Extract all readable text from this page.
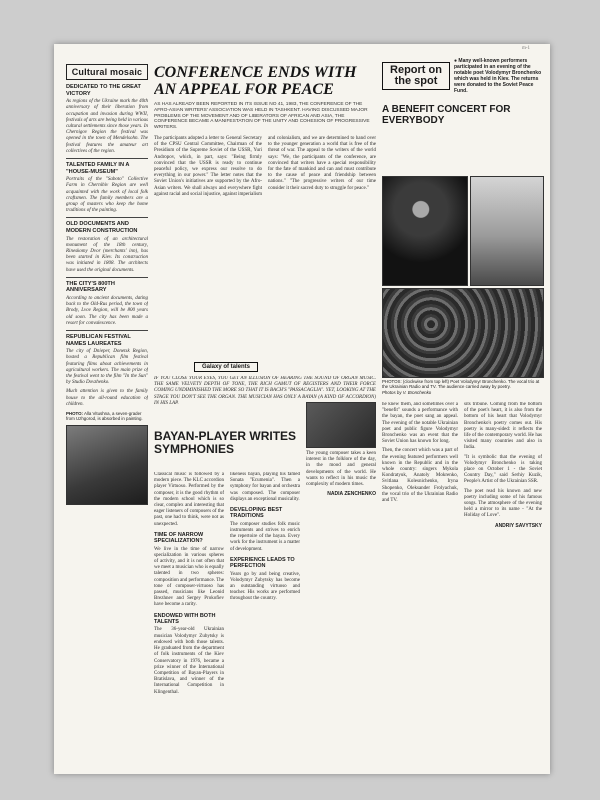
m-1
Cultural mosaic
DEDICATED TO THE GREAT VICTORY

As regions of the Ukraine mark the 40th anniversary of their liberation from occupation and invasion during WWII, festivals of arts are being held in various cultural settlements since those years. In Chernigov Region the festival was opened in the town of Mendelsohn. The festival features the amateur art collectives of the region.

TALENTED FAMILY IN A "HOUSE-MUSEUM"

Portraits of the "Saboto" Collective Farm in Chernihiv Region are well acquainted with the work of local folk craftsmen. The family members are a group of masters who keep the home traditions of the painting.

OLD DOCUMENTS AND MODERN CONSTRUCTION

The restoration of an architectural monument of the 18th century, Rineskomy Dvor (merchants' inn), has been started in Kiev. Its construction was initiated in 1808. The architects have used the original documents.

THE CITY'S 800TH ANNIVERSARY

According to ancient documents, dating back to the Old-Rus period, the town of Brody, Lvov Region, will be 800 years old soon. The city has been made a resort for convalescence.

REPUBLICAN FESTIVAL NAMES LAUREATES

The city of Dnieper, Donetsk Region, hosted a Republican film festival featuring films about achievements in agricultural workers. The main prize of the festival went to the film "In the Sun" by Studio Dovzhenko.

Much attention is given to the family house to the all-round education of children.

PHOTO: Alla Vitushna, a seven-grader from Uzhgorod, is absorbed in painting.
CONFERENCE ENDS WITH AN APPEAL FOR PEACE
AS HAS ALREADY BEEN REPORTED IN ITS ISSUE NO 41, 1983, THE CONFERENCE OF THE AFRO-ASIAN WRITERS' ASSOCIATION WAS HELD IN TASHKENT. HAVING DISCUSSED MAJOR PROBLEMS OF THE MOVEMENT AND OF LIBERATORS OF AFRICAN AND ASIA, THE CONFERENCE BECAME A MANIFESTATION OF THE UNITY AND COHESION OF PROGRESSIVE WRITERS.

The participants adopted a letter to General Secretary of the CPSU Central Committee, Chairman of the Presidium of the Supreme Soviet of the USSR, Yuri Andropov, which, in part, says: "Being firmly convinced that the USSR is ready to continue peaceful policy, we express our resolve to do everything in our power." The letter notes that the Soviet Union's initiatives are supported by the Afro-Asian writers. We shall always and everywhere fight against racial and social injustice, against imperialism and colonialism, and we are determined to hand over to the younger generation a world that is free of the threat of war. The appeal to the writers of the world says: "We, the participants of the conference, are convinced that writers have a special responsibility for the fate of mankind and can and must contribute to the cause of peace and friendship between nations." "The progressive writers of our time consider it their sacred duty to struggle for peace."

Report on the spot
● Many well-known performers participated in an evening of the notable poet Volodymyr Bronchenko which was held in Kiev. The returns were donated to the Soviet Peace Fund.
A BENEFIT CONCERT FOR EVERYBODY
PHOTOS: (clockwise from top left) Poet Volodymyr Bronchenko. The vocal trio at the Ukrainian Radio and TV. The audience carried away by poetry.
Photos by V. Bronchenko
Galaxy of talents

IF YOU CLOSE YOUR EYES, YOU GET AN ILLUSION OF HEARING THE SOUND OF ORGAN MUSIC. THE SAME VELVETY DEPTH OF TONE, THE RICH GAMUT OF REGISTERS AND THEIR FORCE COMING UNDIMINISHED THE MORE SO THAT IT IS BACH'S "PASSACAGLIA". YET, LOOKING AT THE STAGE YOU DON'T SEE THE ORGAN. THE MUSICIAN HAS ONLY A BAYAN (A KIND OF ACCORDION) IN HIS LAP.

BAYAN-PLAYER WRITES SYMPHONIES

Classical music is followed by a modern piece. The KLC accordion player Virtuoso. Performed by the composer, it is the good rhythm of the modern school which is so clear, complex and interesting that eager listeners of composers of the past, one had to think, were not as unexpected.

TIME OF NARROW SPECIALIZATION?

We live in the time of narrow specialization in various spheres of activity, and it is not often that we meet a musician who is equally talented in two spheres: composition and performance. The tone of composer-virtuoso has passed, musicians like Leonid Brezhnev and Sergey Prokofiev have become a rarity.

ENDOWED WITH BOTH TALENTS

The 36-year-old Ukrainian musician Volodymyr Zubytsky is endowed with both those talents. He graduated from the department of folk instruments of the Kiev Conservatory in 1976, became a prize winner of the International Competition of Bayan-Players in Bratislava, and winner of the International Competition in Klingenthal.

likeness bayan, playing his famed Sonata "Ecumenia". Then a symphony for bayan and orchestra was composed. The composer displays an exceptional musicality.

DEVELOPING BEST TRADITIONS

The composer studies folk music instruments and strives to enrich the repertoire of the bayan. Every work for the instrument is a matter of development.

EXPERIENCE LEADS TO PERFECTION

Years go by and being creative, Volodymyr Zubytsky has become an outstanding virtuoso and teacher. His works are performed throughout the country.

The young composer takes a keen interest in the folklore of the day, in the mood and general developments of the world. He wants to reflect in his music the complexity of modern times.

NADIA ZENCHENKO

he knew them, and sometimes over a "benefit" sounds a performance with the bayan, the poet sang an appeal. The evening of the notable Ukrainian poet and public figure Volodymyr Bronchenko was an event that the Soviet Union has known for long.

Then, the concert which was a part of the evening featured performers well known in the Republic and in the whole country: singers Mykola Kondratyuk, Anatoly Mokrenko, Svitlana Kolesnichenko, Iryna Shopenko, Oleksander Frolyachuk, the vocal trio of the Ukrainian Radio and TV.

sits tribune. Coming from the bottom of the poet's heart, it is also from the bottom of his heart that Volodymyr Bronchenko's poetry comes out. His poetry is many-sided: it reflects the life of the contemporary world. He has visited many countries and also in India.

"It is symbolic that the evening of Volodymyr Bronchenko is taking place on October 1 - the Soviet Country Day," said Serhiy Kuzik, People's Artist of the Ukrainian SSR.

The poet read his known and new poetry including some of his famous songs. The atmosphere of the evening held a mirror to its name - "At the Holiday of Love".

ANDRIY SAVYTSKY
